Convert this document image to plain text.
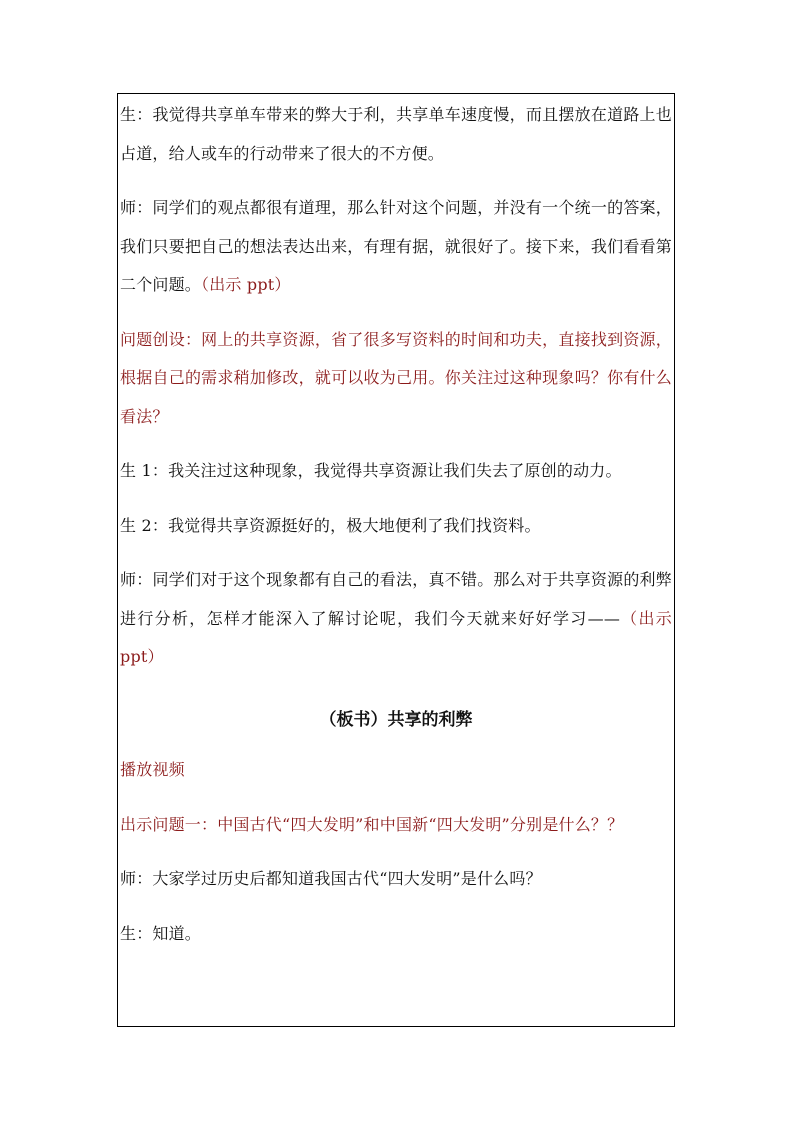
生：我觉得共享单车带来的弊大于利，共享单车速度慢，而且摆放在道路上也占道，给人或车的行动带来了很大的不方便。

师：同学们的观点都很有道理，那么针对这个问题，并没有一个统一的答案，我们只要把自己的想法表达出来，有理有据，就很好了。接下来，我们看看第二个问题。（出示 ppt）

问题创设：网上的共享资源，省了很多写资料的时间和功夫，直接找到资源，根据自己的需求稍加修改，就可以收为己用。你关注过这种现象吗？你有什么看法？

生 1：我关注过这种现象，我觉得共享资源让我们失去了原创的动力。

生 2：我觉得共享资源挺好的，极大地便利了我们找资料。

师：同学们对于这个现象都有自己的看法，真不错。那么对于共享资源的利弊进行分析，怎样才能深入了解讨论呢，我们今天就来好好学习——（出示 ppt）

（板书）共享的利弊

播放视频

出示问题一：中国古代“四大发明”和中国新“四大发明”分别是什么？？

师：大家学过历史后都知道我国古代“四大发明”是什么吗？

生：知道。
